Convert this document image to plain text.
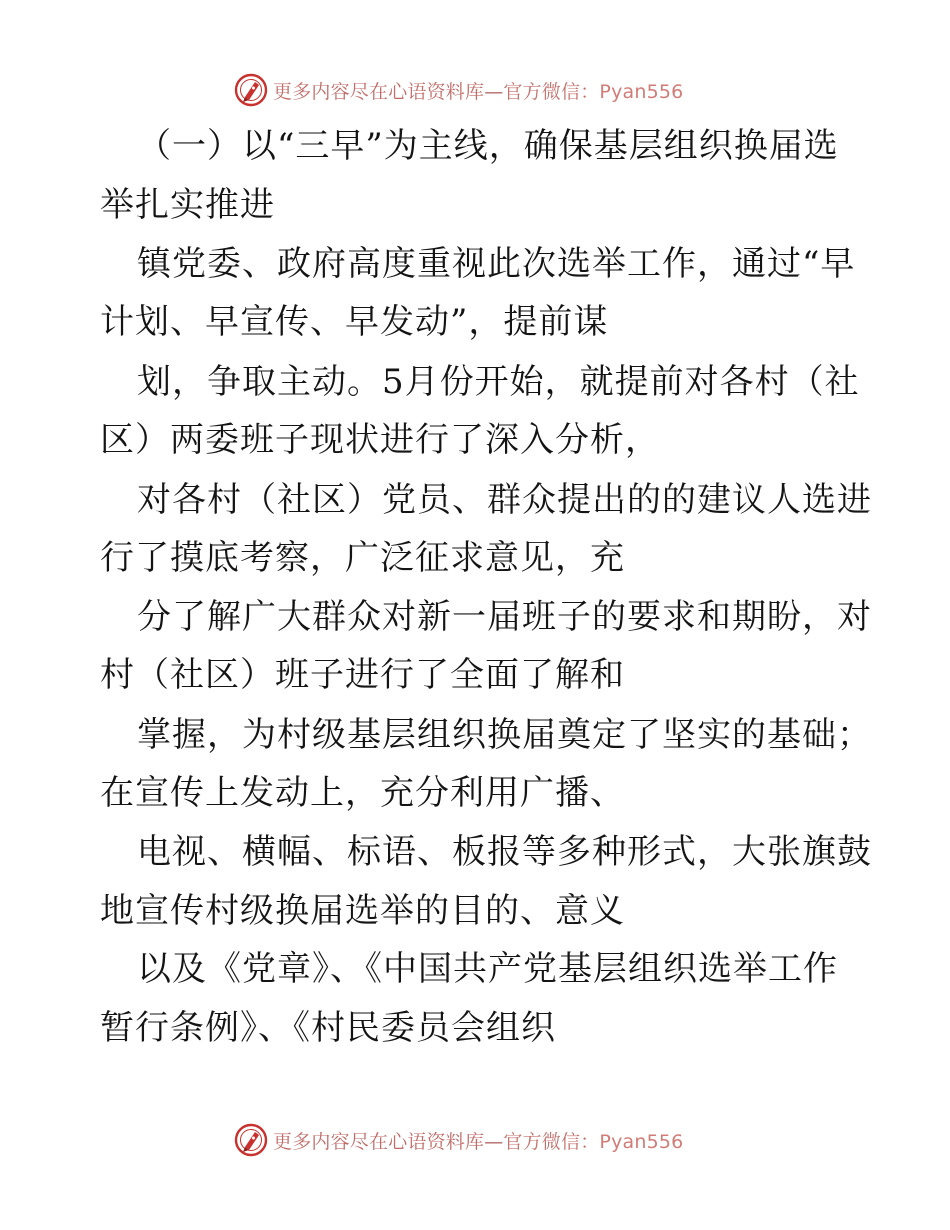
更多内容尽在心语资料库—官方微信：Pyan556
（一）以“三早”为主线，确保基层组织换届选
举扎实推进
镇党委、政府高度重视此次选举工作，通过“早
计划、早宣传、早发动”，提前谋
划，争取主动。5月份开始，就提前对各村（社
区）两委班子现状进行了深入分析，
对各村（社区）党员、群众提出的的建议人选进
行了摸底考察，广泛征求意见，充
分了解广大群众对新一届班子的要求和期盼，对
村（社区）班子进行了全面了解和
掌握，为村级基层组织换届奠定了坚实的基础；
在宣传上发动上，充分利用广播、
电视、横幅、标语、板报等多种形式，大张旗鼓
地宣传村级换届选举的目的、意义
以及《党章》、《中国共产党基层组织选举工作
暂行条例》、《村民委员会组织
更多内容尽在心语资料库—官方微信：Pyan556
